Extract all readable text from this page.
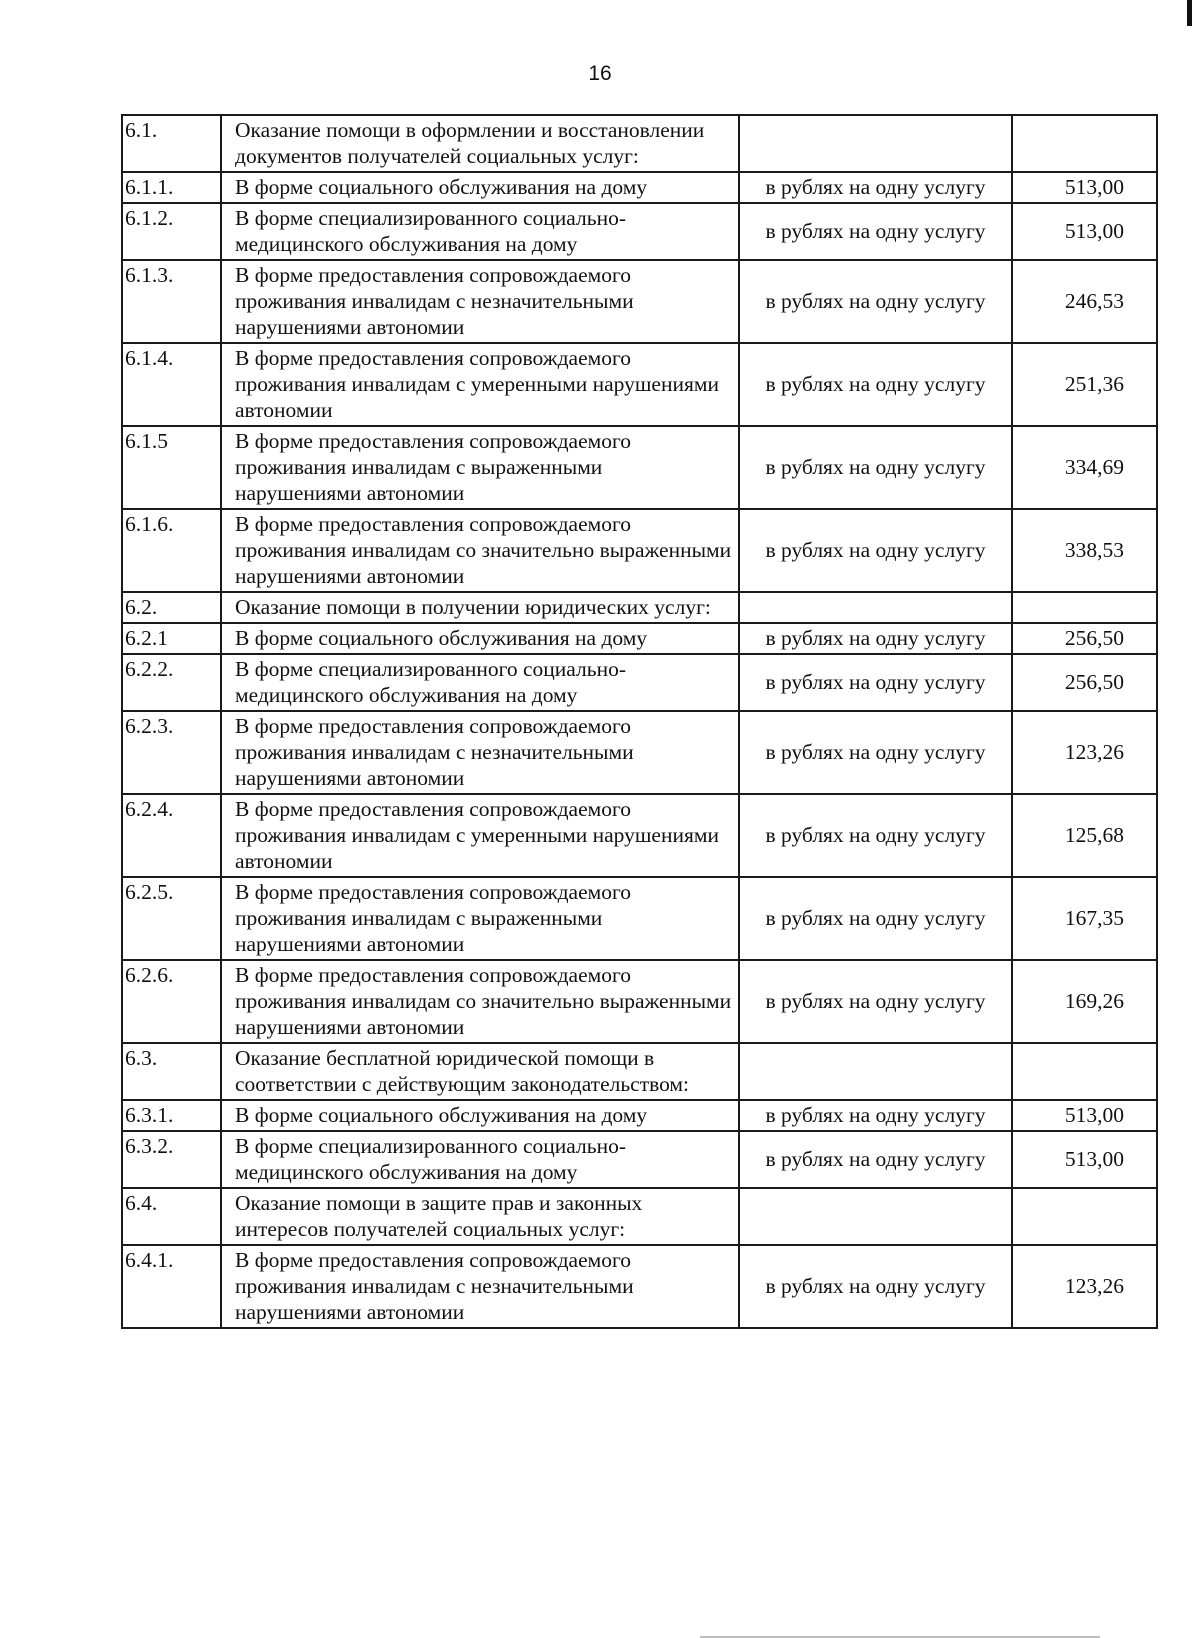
16
6.1.	Оказание помощи в оформлении и восстановлении документов получателей социальных услуг:		
6.1.1.	В форме социального обслуживания на дому	в рублях на одну услугу	513,00
6.1.2.	В форме специализированного социально-медицинского обслуживания на дому	в рублях на одну услугу	513,00
6.1.3.	В форме предоставления сопровождаемого проживания инвалидам с незначительными нарушениями автономии	в рублях на одну услугу	246,53
6.1.4.	В форме предоставления сопровождаемого проживания инвалидам с умеренными нарушениями автономии	в рублях на одну услугу	251,36
6.1.5	В форме предоставления сопровождаемого проживания инвалидам с выраженными нарушениями автономии	в рублях на одну услугу	334,69
6.1.6.	В форме предоставления сопровождаемого проживания инвалидам со значительно выраженными нарушениями автономии	в рублях на одну услугу	338,53
6.2.	Оказание помощи в получении юридических услуг:		
6.2.1	В форме социального обслуживания на дому	в рублях на одну услугу	256,50
6.2.2.	В форме специализированного социально-медицинского обслуживания на дому	в рублях на одну услугу	256,50
6.2.3.	В форме предоставления сопровождаемого проживания инвалидам с незначительными нарушениями автономии	в рублях на одну услугу	123,26
6.2.4.	В форме предоставления сопровождаемого проживания инвалидам с умеренными нарушениями автономии	в рублях на одну услугу	125,68
6.2.5.	В форме предоставления сопровождаемого проживания инвалидам с выраженными нарушениями автономии	в рублях на одну услугу	167,35
6.2.6.	В форме предоставления сопровождаемого проживания инвалидам со значительно выраженными нарушениями автономии	в рублях на одну услугу	169,26
6.3.	Оказание бесплатной юридической помощи в соответствии с действующим законодательством:		
6.3.1.	В форме социального обслуживания на дому	в рублях на одну услугу	513,00
6.3.2.	В форме специализированного социально-медицинского обслуживания на дому	в рублях на одну услугу	513,00
6.4.	Оказание помощи в защите прав и законных интересов получателей социальных услуг:		
6.4.1.	В форме предоставления сопровождаемого проживания инвалидам с незначительными нарушениями автономии	в рублях на одну услугу	123,26
